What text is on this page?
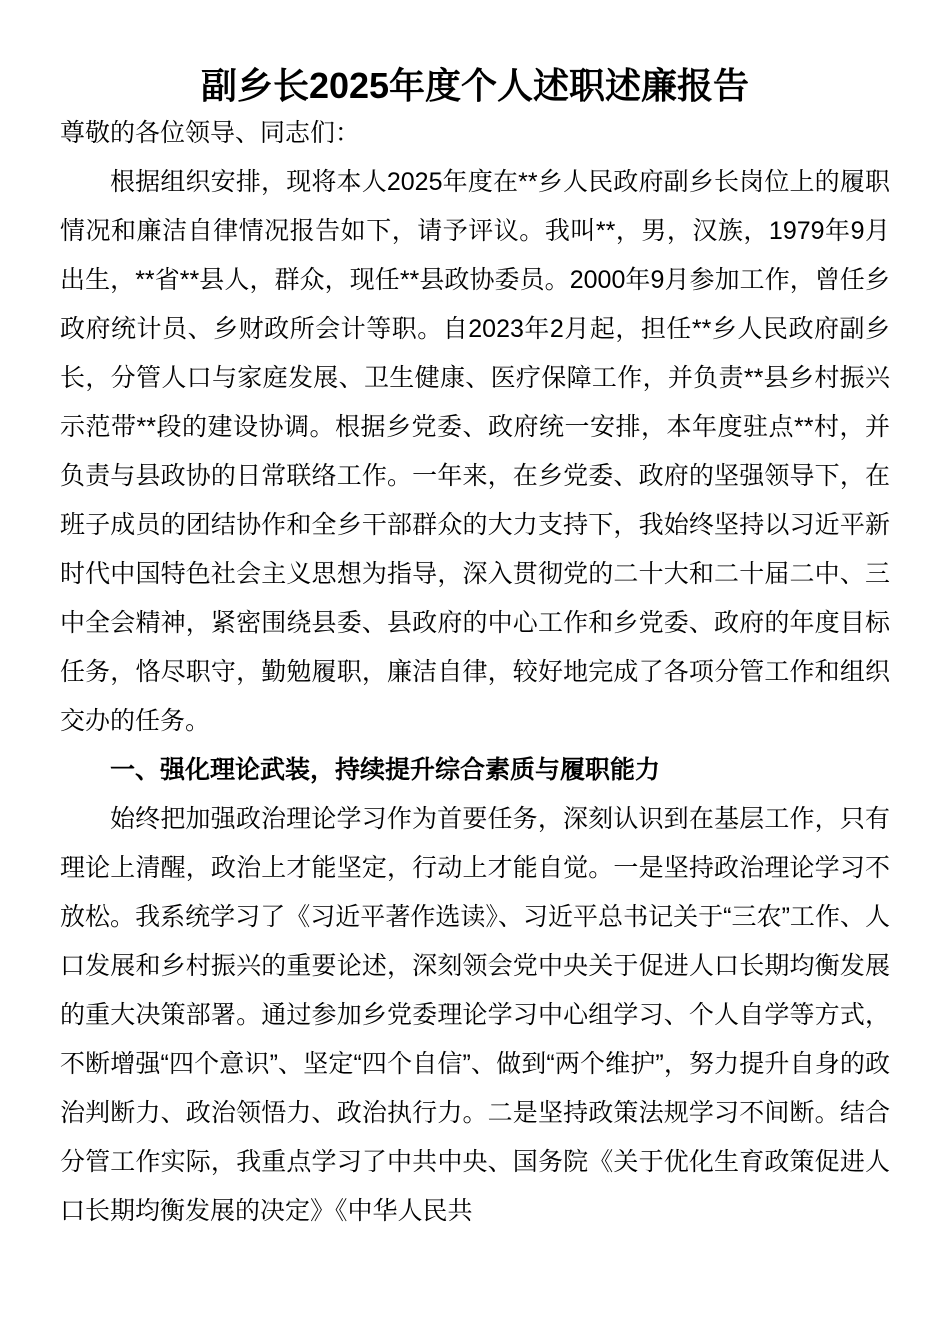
副乡长2025年度个人述职述廉报告

尊敬的各位领导、同志们：

根据组织安排，现将本人2025年度在**乡人民政府副乡长岗位上的履职情况和廉洁自律情况报告如下，请予评议。我叫**，男，汉族，1979年9月出生，**省**县人，群众，现任**县政协委员。2000年9月参加工作，曾任乡政府统计员、乡财政所会计等职。自2023年2月起，担任**乡人民政府副乡长，分管人口与家庭发展、卫生健康、医疗保障工作，并负责**县乡村振兴示范带**段的建设协调。根据乡党委、政府统一安排，本年度驻点**村，并负责与县政协的日常联络工作。一年来，在乡党委、政府的坚强领导下，在班子成员的团结协作和全乡干部群众的大力支持下，我始终坚持以习近平新时代中国特色社会主义思想为指导，深入贯彻党的二十大和二十届二中、三中全会精神，紧密围绕县委、县政府的中心工作和乡党委、政府的年度目标任务，恪尽职守，勤勉履职，廉洁自律，较好地完成了各项分管工作和组织交办的任务。

一、强化理论武装，持续提升综合素质与履职能力

始终把加强政治理论学习作为首要任务，深刻认识到在基层工作，只有理论上清醒，政治上才能坚定，行动上才能自觉。一是坚持政治理论学习不放松。我系统学习了《习近平著作选读》、习近平总书记关于“三农”工作、人口发展和乡村振兴的重要论述，深刻领会党中央关于促进人口长期均衡发展的重大决策部署。通过参加乡党委理论学习中心组学习、个人自学等方式，不断增强“四个意识”、坚定“四个自信”、做到“两个维护”，努力提升自身的政治判断力、政治领悟力、政治执行力。二是坚持政策法规学习不间断。结合分管工作实际，我重点学习了中共中央、国务院《关于优化生育政策促进人口长期均衡发展的决定》《中华人民共
